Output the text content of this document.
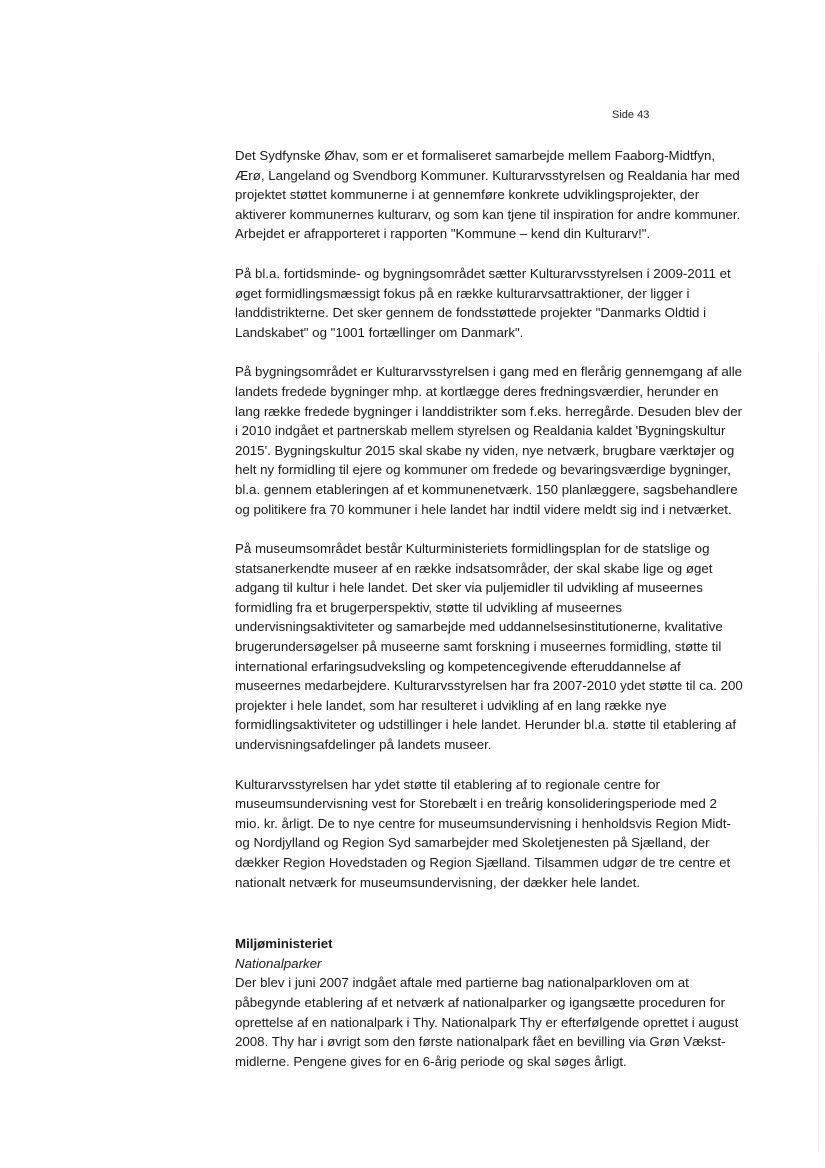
Side 43

Det Sydfynske Øhav, som er et formaliseret samarbejde mellem Faaborg-Midtfyn, Ærø, Langeland og Svendborg Kommuner. Kulturarvsstyrelsen og Realdania har med projektet støttet kommunerne i at gennemføre konkrete udviklingsprojekter, der aktiverer kommunernes kulturarv, og som kan tjene til inspiration for andre kommuner. Arbejdet er afrapporteret i rapporten "Kommune – kend din Kulturarv!".

På bl.a. fortidsminde- og bygningsområdet sætter Kulturarvsstyrelsen i 2009-2011 et øget formidlingsmæssigt fokus på en række kulturarvsattraktioner, der ligger i landdistrikterne. Det sker gennem de fondsstøttede projekter "Danmarks Oldtid i Landskabet" og "1001 fortællinger om Danmark".

På bygningsområdet er Kulturarvsstyrelsen i gang med en flerårig gennemgang af alle landets fredede bygninger mhp. at kortlægge deres fredningsværdier, herunder en lang række fredede bygninger i landdistrikter som f.eks. herregårde. Desuden blev der i 2010 indgået et partnerskab mellem styrelsen og Realdania kaldet 'Bygningskultur 2015'. Bygningskultur 2015 skal skabe ny viden, nye netværk, brugbare værktøjer og helt ny formidling til ejere og kommuner om fredede og bevaringsværdige bygninger, bl.a. gennem etableringen af et kommunenetværk. 150 planlæggere, sagsbehandlere og politikere fra 70 kommuner i hele landet har indtil videre meldt sig ind i netværket.

På museumsområdet består Kulturministeriets formidlingsplan for de statslige og statsanerkendte museer af en række indsatsområder, der skal skabe lige og øget adgang til kultur i hele landet. Det sker via puljemidler til udvikling af museernes formidling fra et brugerperspektiv, støtte til udvikling af museernes undervisningsaktiviteter og samarbejde med uddannelsesinstitutionerne, kvalitative brugerundersøgelser på museerne samt forskning i museernes formidling, støtte til international erfaringsudveksling og kompetencegivende efteruddannelse af museernes medarbejdere. Kulturarvsstyrelsen har fra 2007-2010 ydet støtte til ca. 200 projekter i hele landet, som har resulteret i udvikling af en lang række nye formidlingsaktiviteter og udstillinger i hele landet. Herunder bl.a. støtte til etablering af undervisningsafdelinger på landets museer.

Kulturarvsstyrelsen har ydet støtte til etablering af to regionale centre for museumsundervisning vest for Storebælt i en treårig konsolideringsperiode med 2 mio. kr. årligt. De to nye centre for museumsundervisning i henholdsvis Region Midt- og Nordjylland og Region Syd samarbejder med Skoletjenesten på Sjælland, der dækker Region Hovedstaden og Region Sjælland. Tilsammen udgør de tre centre et nationalt netværk for museumsundervisning, der dækker hele landet.

Miljøministeriet
Nationalparker

Der blev i juni 2007 indgået aftale med partierne bag nationalparkloven om at påbegynde etablering af et netværk af nationalparker og igangsætte proceduren for oprettelse af en nationalpark i Thy. Nationalpark Thy er efterfølgende oprettet i august 2008. Thy har i øvrigt som den første nationalpark fået en bevilling via Grøn Vækst-midlerne. Pengene gives for en 6-årig periode og skal søges årligt.
